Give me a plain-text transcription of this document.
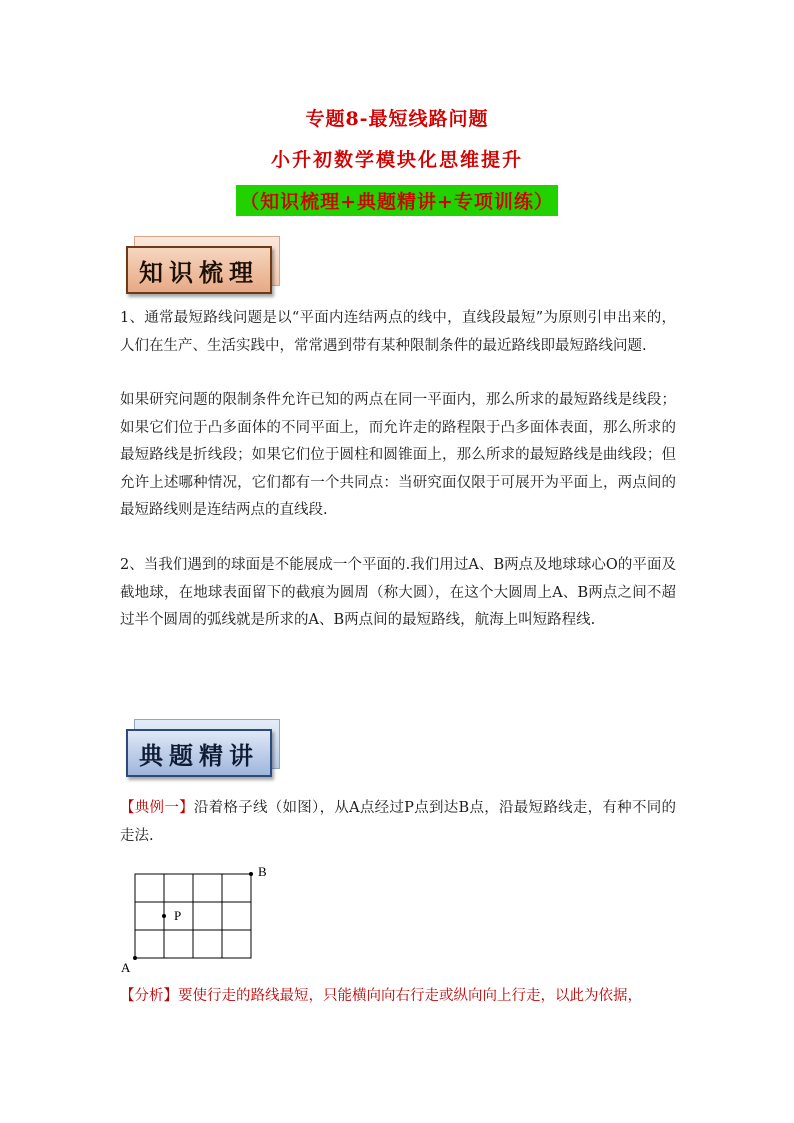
专题8-最短线路问题
小升初数学模块化思维提升
（知识梳理+典题精讲+专项训练）
知识梳理

1、通常最短路线问题是以“平面内连结两点的线中，直线段最短”为原则引申出来的，人们在生产、生活实践中，常常遇到带有某种限制条件的最近路线即最短路线问题.

如果研究问题的限制条件允许已知的两点在同一平面内，那么所求的最短路线是线段；如果它们位于凸多面体的不同平面上，而允许走的路程限于凸多面体表面，那么所求的最短路线是折线段；如果它们位于圆柱和圆锥面上，那么所求的最短路线是曲线段；但允许上述哪种情况，它们都有一个共同点：当研究面仅限于可展开为平面上，两点间的最短路线则是连结两点的直线段.

2、当我们遇到的球面是不能展成一个平面的.我们用过A、B两点及地球球心O的平面及截地球，在地球表面留下的截痕为圆周（称大圆），在这个大圆周上A、B两点之间不超过半个圆周的弧线就是所求的A、B两点间的最短路线，航海上叫短路程线.

典题精讲

【典例一】沿着格子线（如图），从A点经过P点到达B点，沿最短路线走，有种不同的走法.

A
B
P

【分析】要使行走的路线最短，只能横向向右行走或纵向向上行走，以此为依据，
